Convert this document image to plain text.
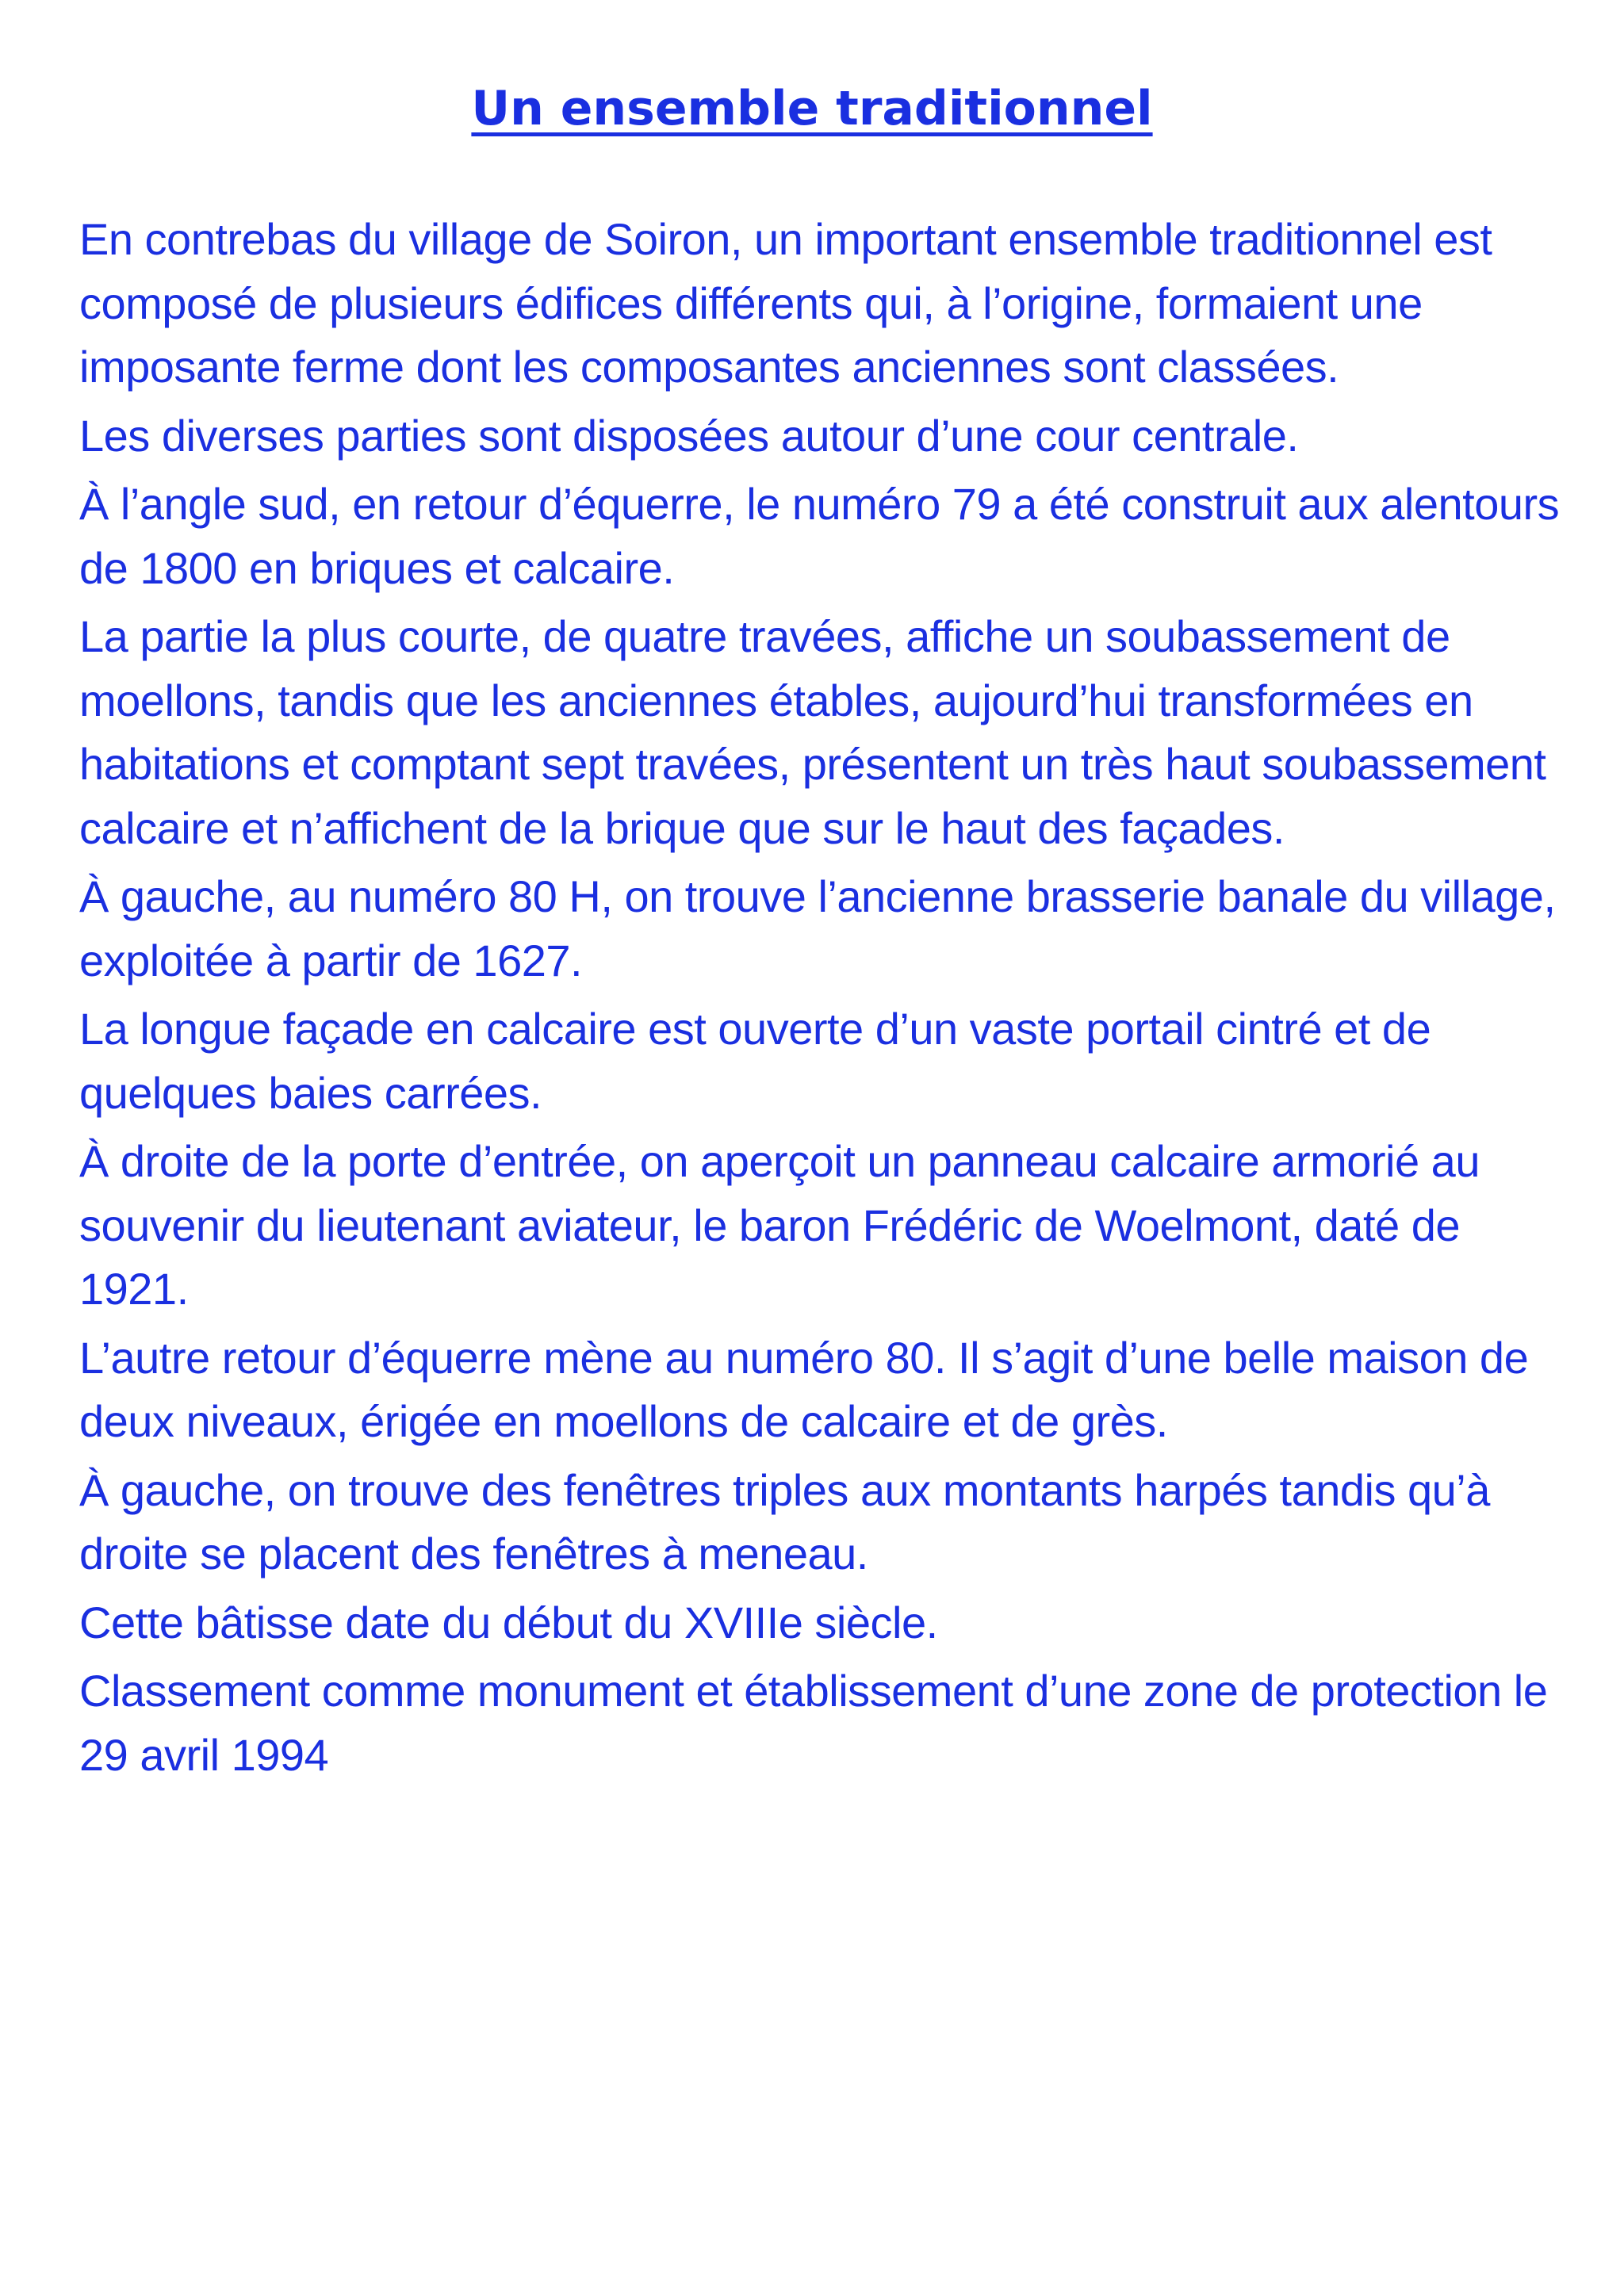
Un ensemble traditionnel

En contrebas du village de Soiron, un important ensemble traditionnel est composé de plusieurs édifices différents qui, à l’origine, formaient une imposante ferme dont les composantes anciennes sont classées.

Les diverses parties sont disposées autour d’une cour centrale.

À l’angle sud, en retour d’équerre, le numéro 79 a été construit aux alentours de 1800 en briques et calcaire.

La partie la plus courte, de quatre travées, affiche un soubassement de moellons, tandis que les anciennes étables, aujourd’hui transformées en habitations et comptant sept travées, présentent un très haut soubassement calcaire et n’affichent de la brique que sur le haut des façades.

À gauche, au numéro 80 H, on trouve l’ancienne brasserie banale du village, exploitée à partir de 1627.

La longue façade en calcaire est ouverte d’un vaste portail cintré et de quelques baies carrées.

À droite de la porte d’entrée, on aperçoit un panneau calcaire armorié au souvenir du lieutenant aviateur, le baron Frédéric de Woelmont, daté de 1921.

L’autre retour d’équerre mène au numéro 80. Il s’agit d’une belle maison de deux niveaux, érigée en moellons de calcaire et de grès.

À gauche, on trouve des fenêtres triples aux montants harpés tandis qu’à droite se placent des fenêtres à meneau.

Cette bâtisse date du début du XVIIIe siècle.

Classement comme monument et établissement d’une zone de protection le 29 avril 1994
